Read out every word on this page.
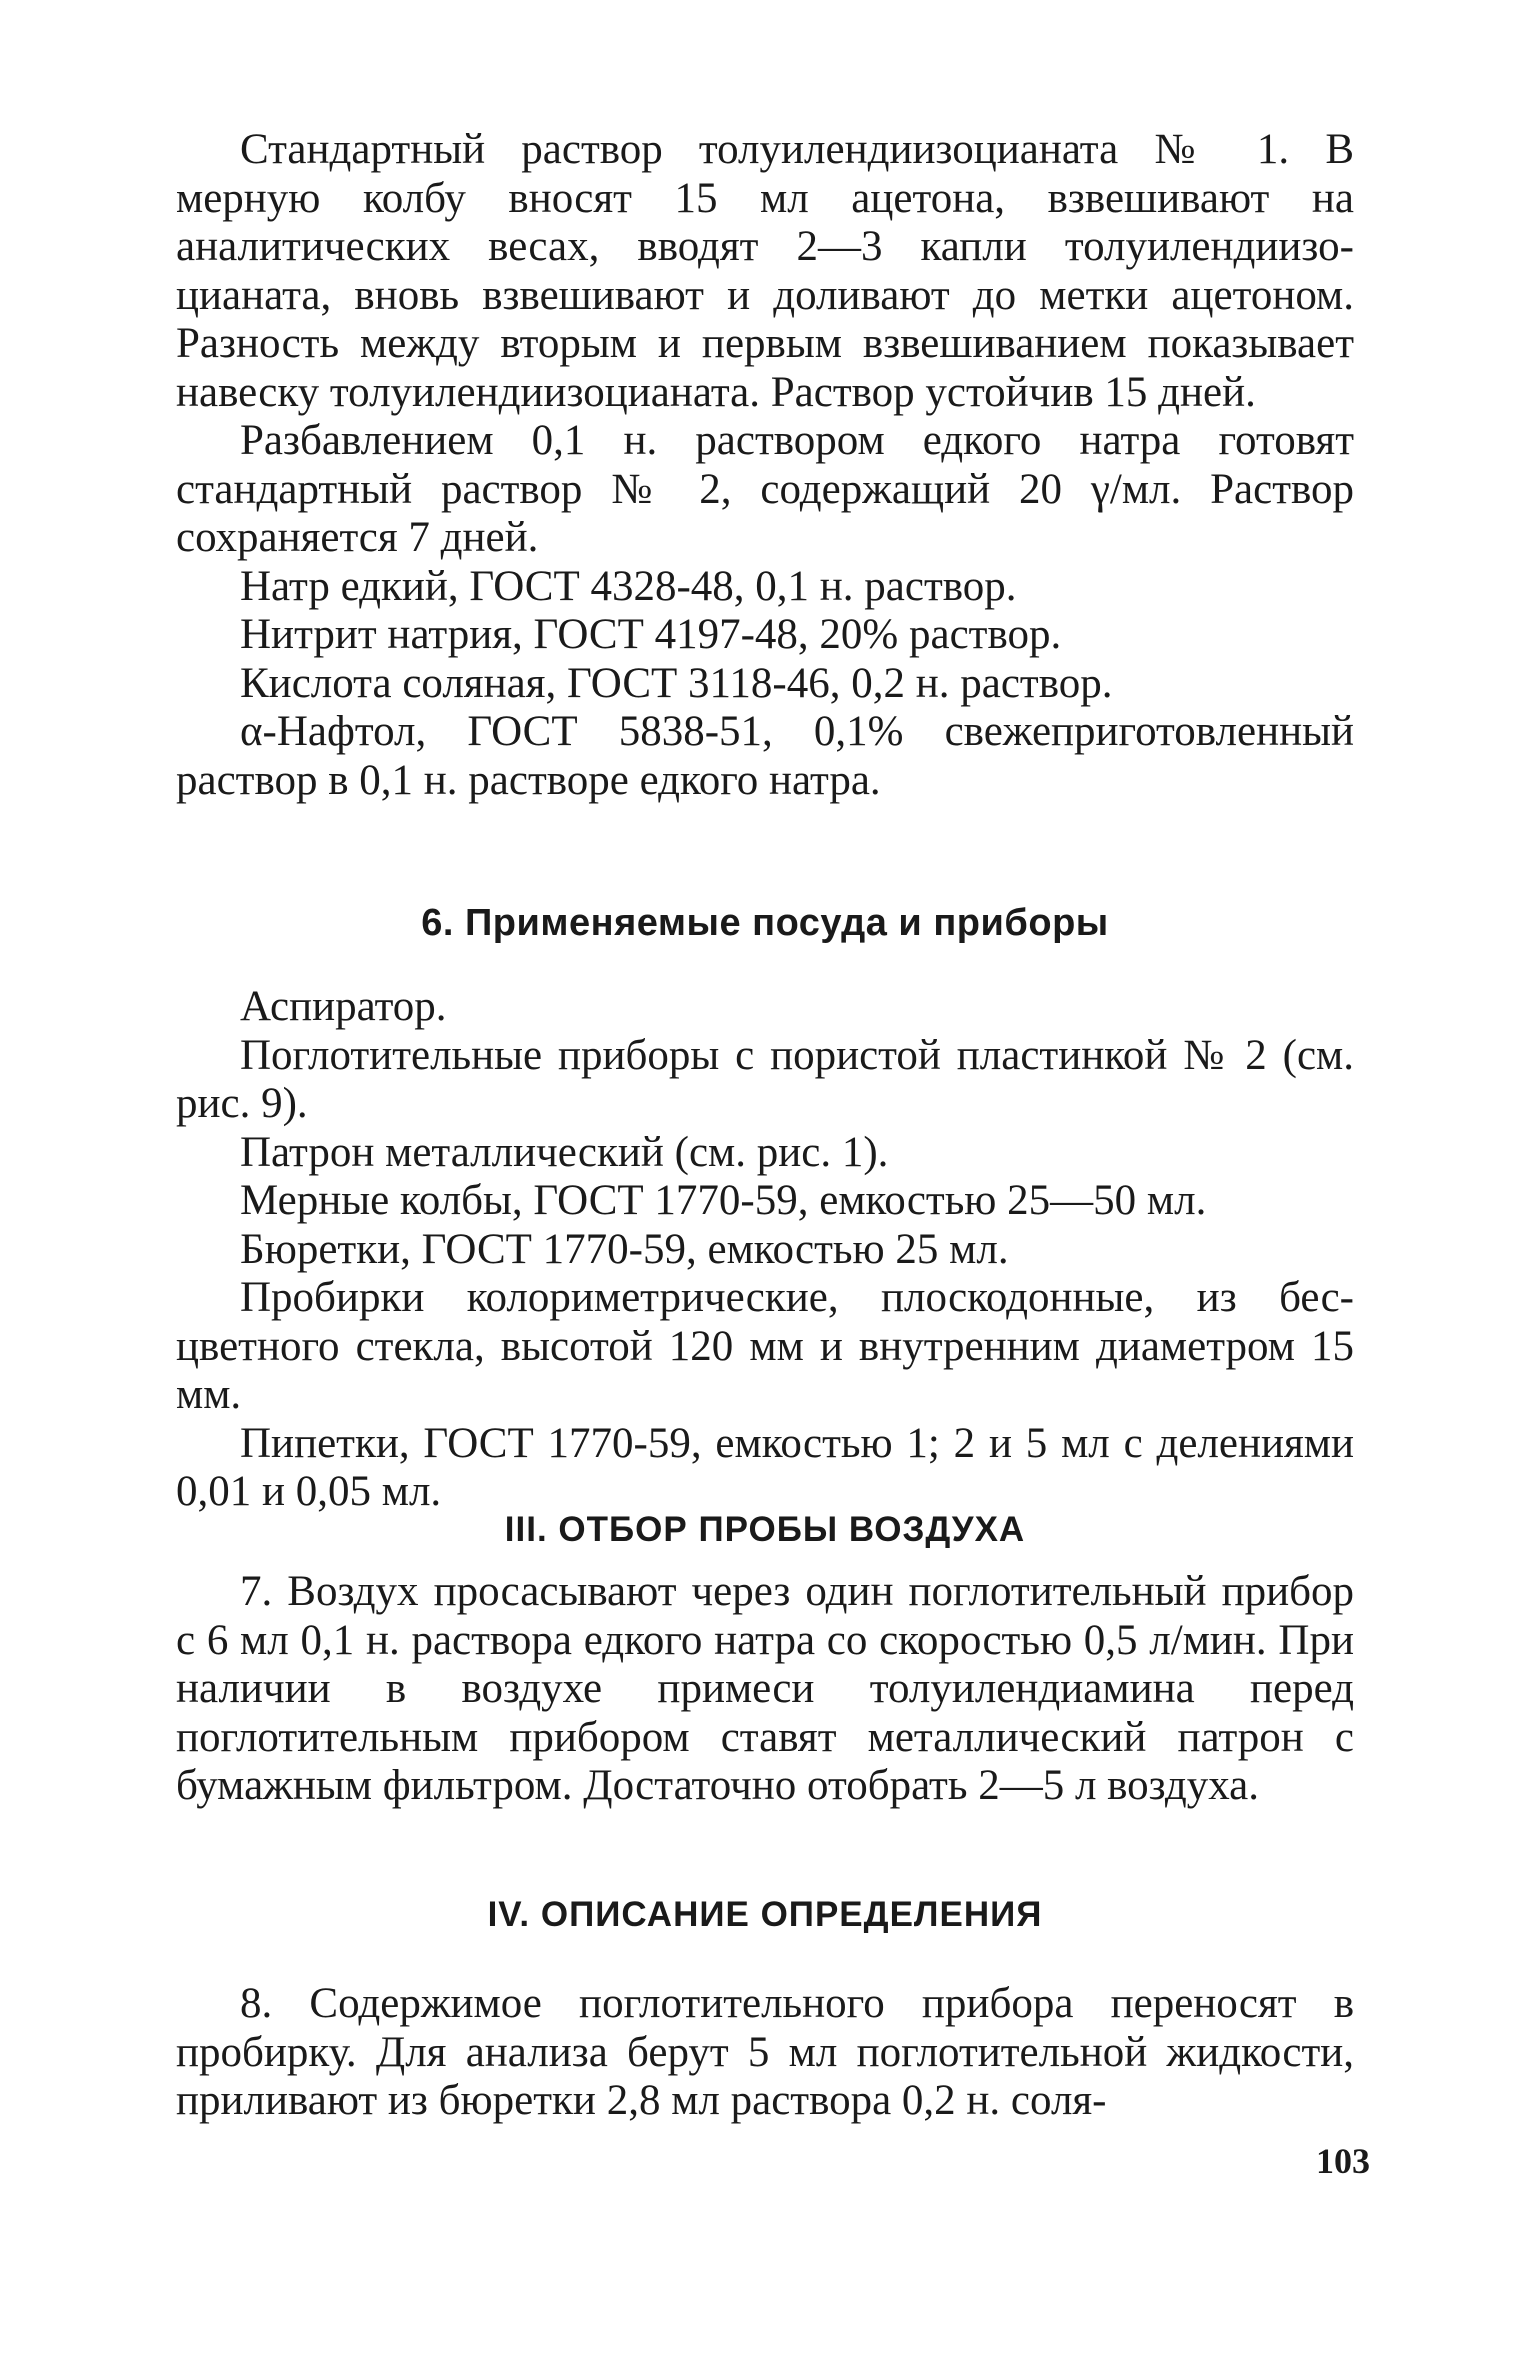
Стандартный раствор толуилендиизоцианата № 1. В мерную колбу вносят 15 мл ацетона, взвешивают на аналитических весах, вводят 2—3 капли толуилендиизоцианата, вновь взвешивают и доливают до метки ацетоном. Разность между вторым и первым взвешиванием показывает навеску толуилендиизоцианата. Раствор устойчив 15 дней.

Разбавлением 0,1 н. раствором едкого натра готовят стандартный раствор № 2, содержащий 20 γ/мл. Раствор сохраняется 7 дней.

Натр едкий, ГОСТ 4328-48, 0,1 н. раствор.

Нитрит натрия, ГОСТ 4197-48, 20% раствор.

Кислота соляная, ГОСТ 3118-46, 0,2 н. раствор.

α-Нафтол, ГОСТ 5838-51, 0,1% свежеприготовленный раствор в 0,1 н. растворе едкого натра.

6. Применяемые посуда и приборы

Аспиратор.

Поглотительные приборы с пористой пластинкой № 2 (см. рис. 9).

Патрон металлический (см. рис. 1).

Мерные колбы, ГОСТ 1770-59, емкостью 25—50 мл.

Бюретки, ГОСТ 1770-59, емкостью 25 мл.

Пробирки колориметрические, плоскодонные, из бесцветного стекла, высотой 120 мм и внутренним диаметром 15 мм.

Пипетки, ГОСТ 1770-59, емкостью 1; 2 и 5 мл с делениями 0,01 и 0,05 мл.

III. ОТБОР ПРОБЫ ВОЗДУХА

7. Воздух просасывают через один поглотительный прибор с 6 мл 0,1 н. раствора едкого натра со скоростью 0,5 л/мин. При наличии в воздухе примеси толуилендиамина перед поглотительным прибором ставят металлический патрон с бумажным фильтром. Достаточно отобрать 2—5 л воздуха.

IV. ОПИСАНИЕ ОПРЕДЕЛЕНИЯ

8. Содержимое поглотительного прибора переносят в пробирку. Для анализа берут 5 мл поглотительной жидкости, приливают из бюретки 2,8 мл раствора 0,2 н. соля-

103
